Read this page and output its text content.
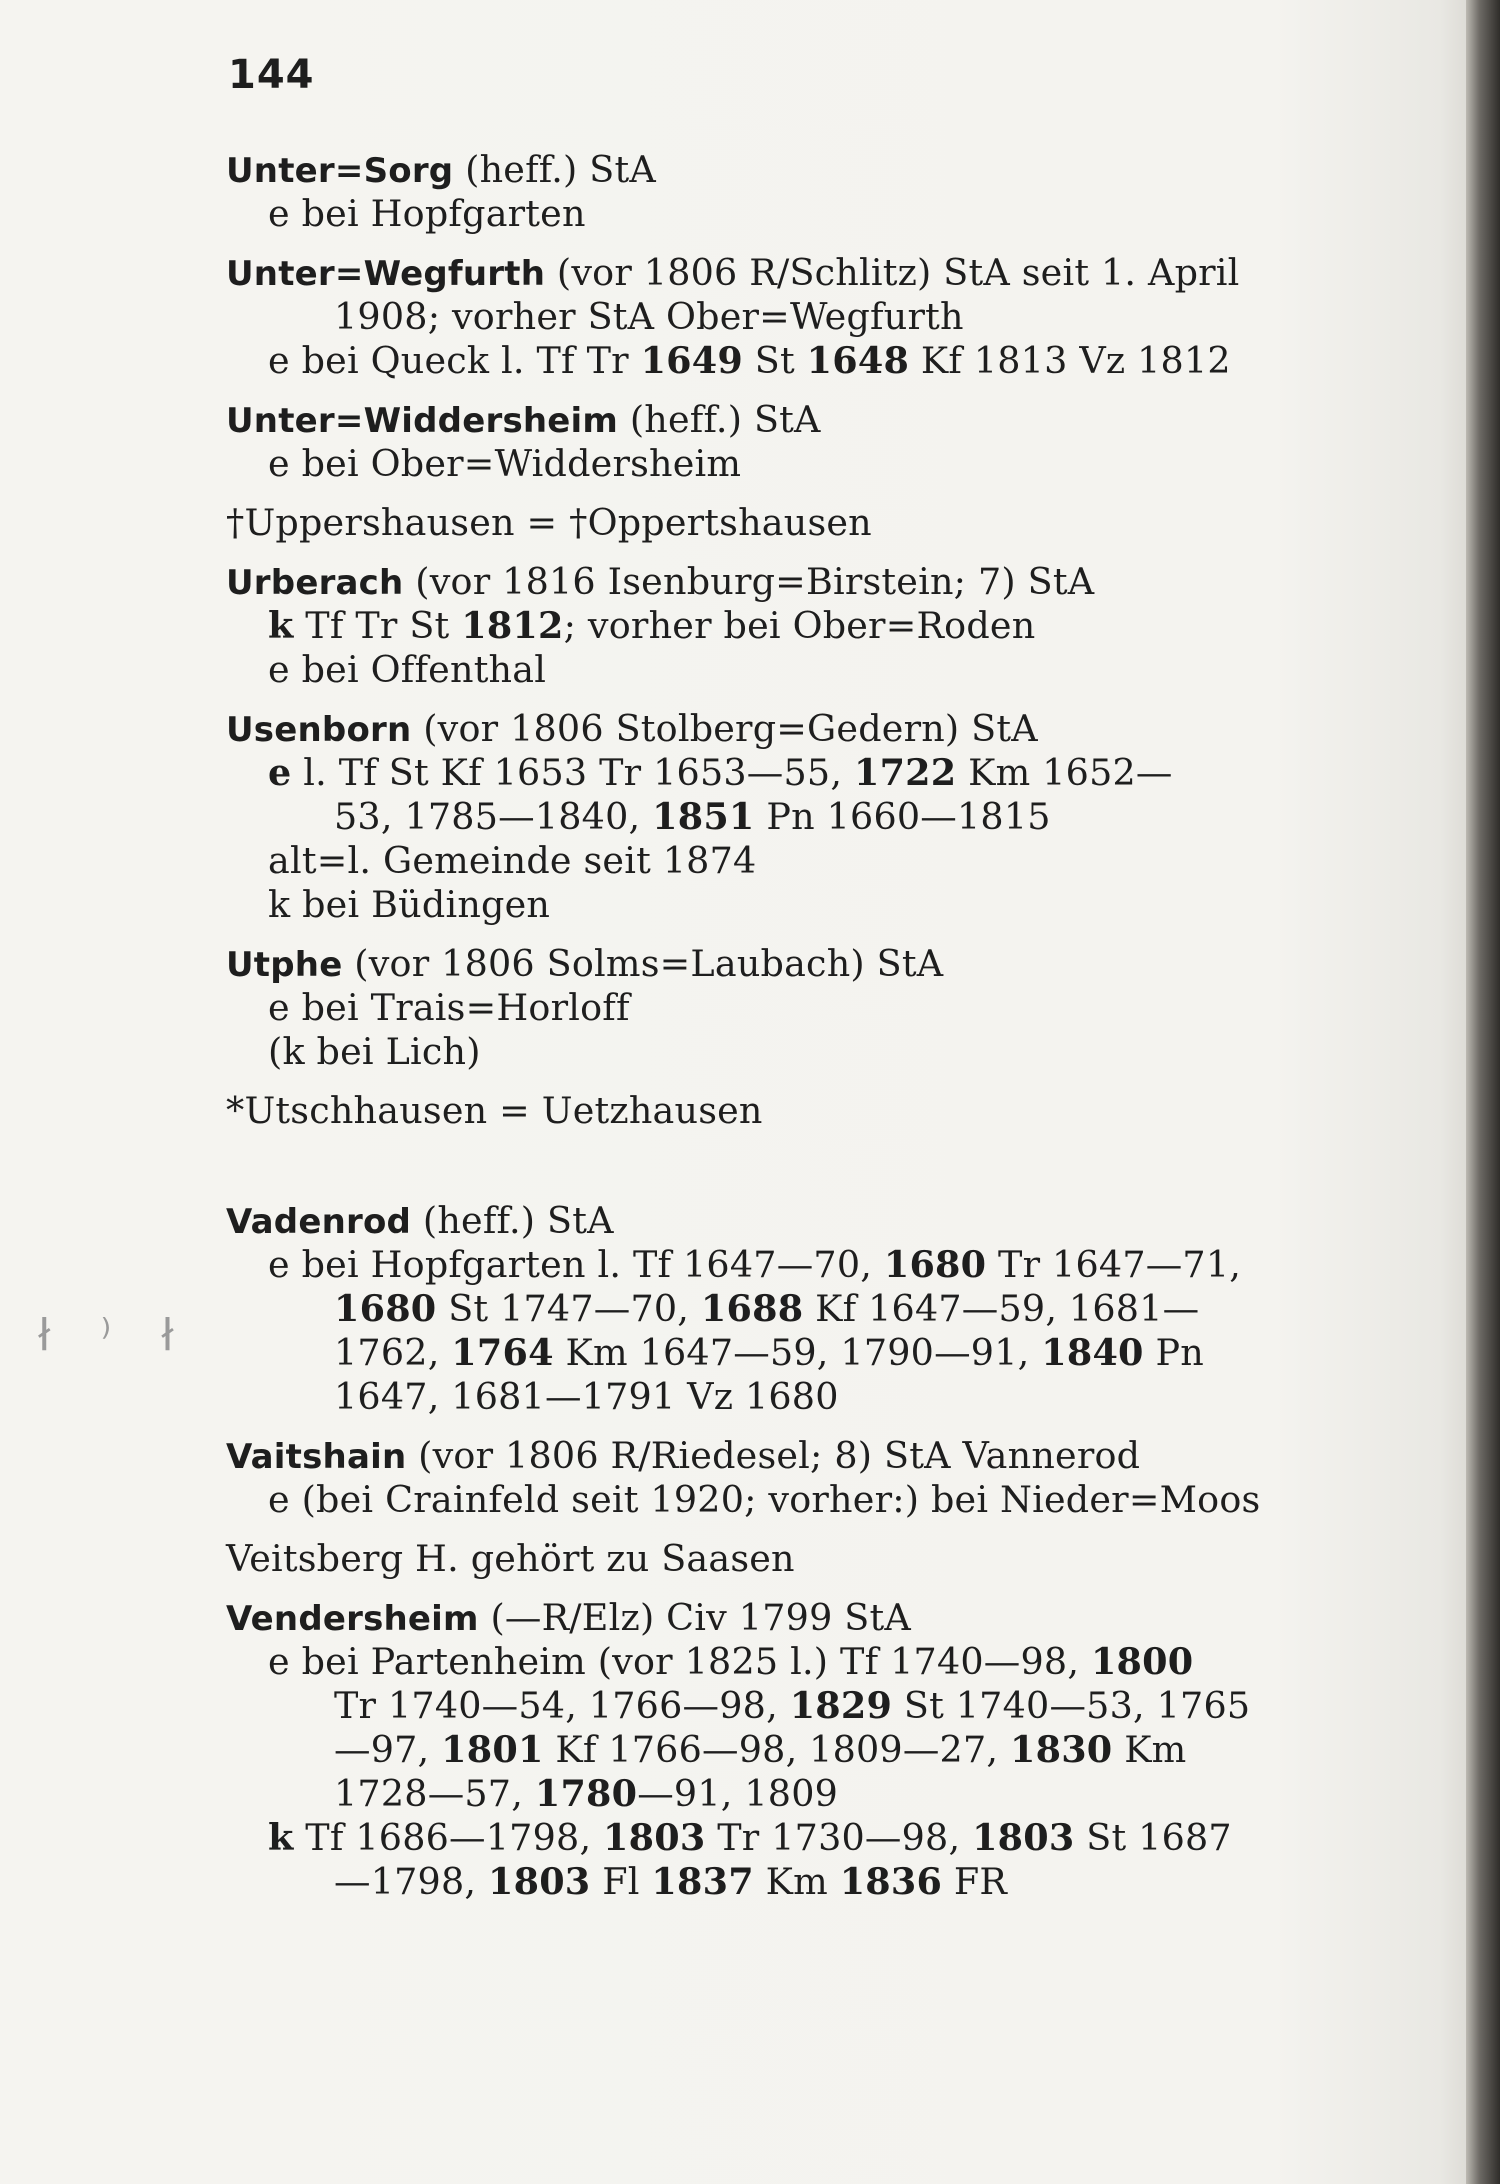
144
Unter=Sorg (heff.) StA
e bei Hopfgarten
Unter=Wegfurth (vor 1806 R/Schlitz) StA seit 1. April
1908; vorher StA Ober=Wegfurth
e bei Queck l. Tf Tr 1649 St 1648 Kf 1813 Vz 1812
Unter=Widdersheim (heff.) StA
e bei Ober=Widdersheim
†Uppershausen = †Oppertshausen
Urberach (vor 1816 Isenburg=Birstein; 7) StA
k Tf Tr St 1812; vorher bei Ober=Roden
e bei Offenthal
Usenborn (vor 1806 Stolberg=Gedern) StA
e l. Tf St Kf 1653 Tr 1653—55, 1722 Km 1652—
53, 1785—1840, 1851 Pn 1660—1815
alt=l. Gemeinde seit 1874
k bei Büdingen
Utphe (vor 1806 Solms=Laubach) StA
e bei Trais=Horloff
(k bei Lich)
*Utschhausen = Uetzhausen
Vadenrod (heff.) StA
e bei Hopfgarten l. Tf 1647—70, 1680 Tr 1647—71,
1680 St 1747—70, 1688 Kf 1647—59, 1681—
1762, 1764 Km 1647—59, 1790—91, 1840 Pn
1647, 1681—1791 Vz 1680
Vaitshain (vor 1806 R/Riedesel; 8) StA Vannerod
e (bei Crainfeld seit 1920; vorher:) bei Nieder=Moos
Veitsberg H. gehört zu Saasen
Vendersheim (—R/Elz) Civ 1799 StA
e bei Partenheim (vor 1825 l.) Tf 1740—98, 1800
Tr 1740—54, 1766—98, 1829 St 1740—53, 1765
—97, 1801 Kf 1766—98, 1809—27, 1830 Km
1728—57, 1780—91, 1809
k Tf 1686—1798, 1803 Tr 1730—98, 1803 St 1687
—1798, 1803 Fl 1837 Km 1836 FR
ł ⁾ ł
